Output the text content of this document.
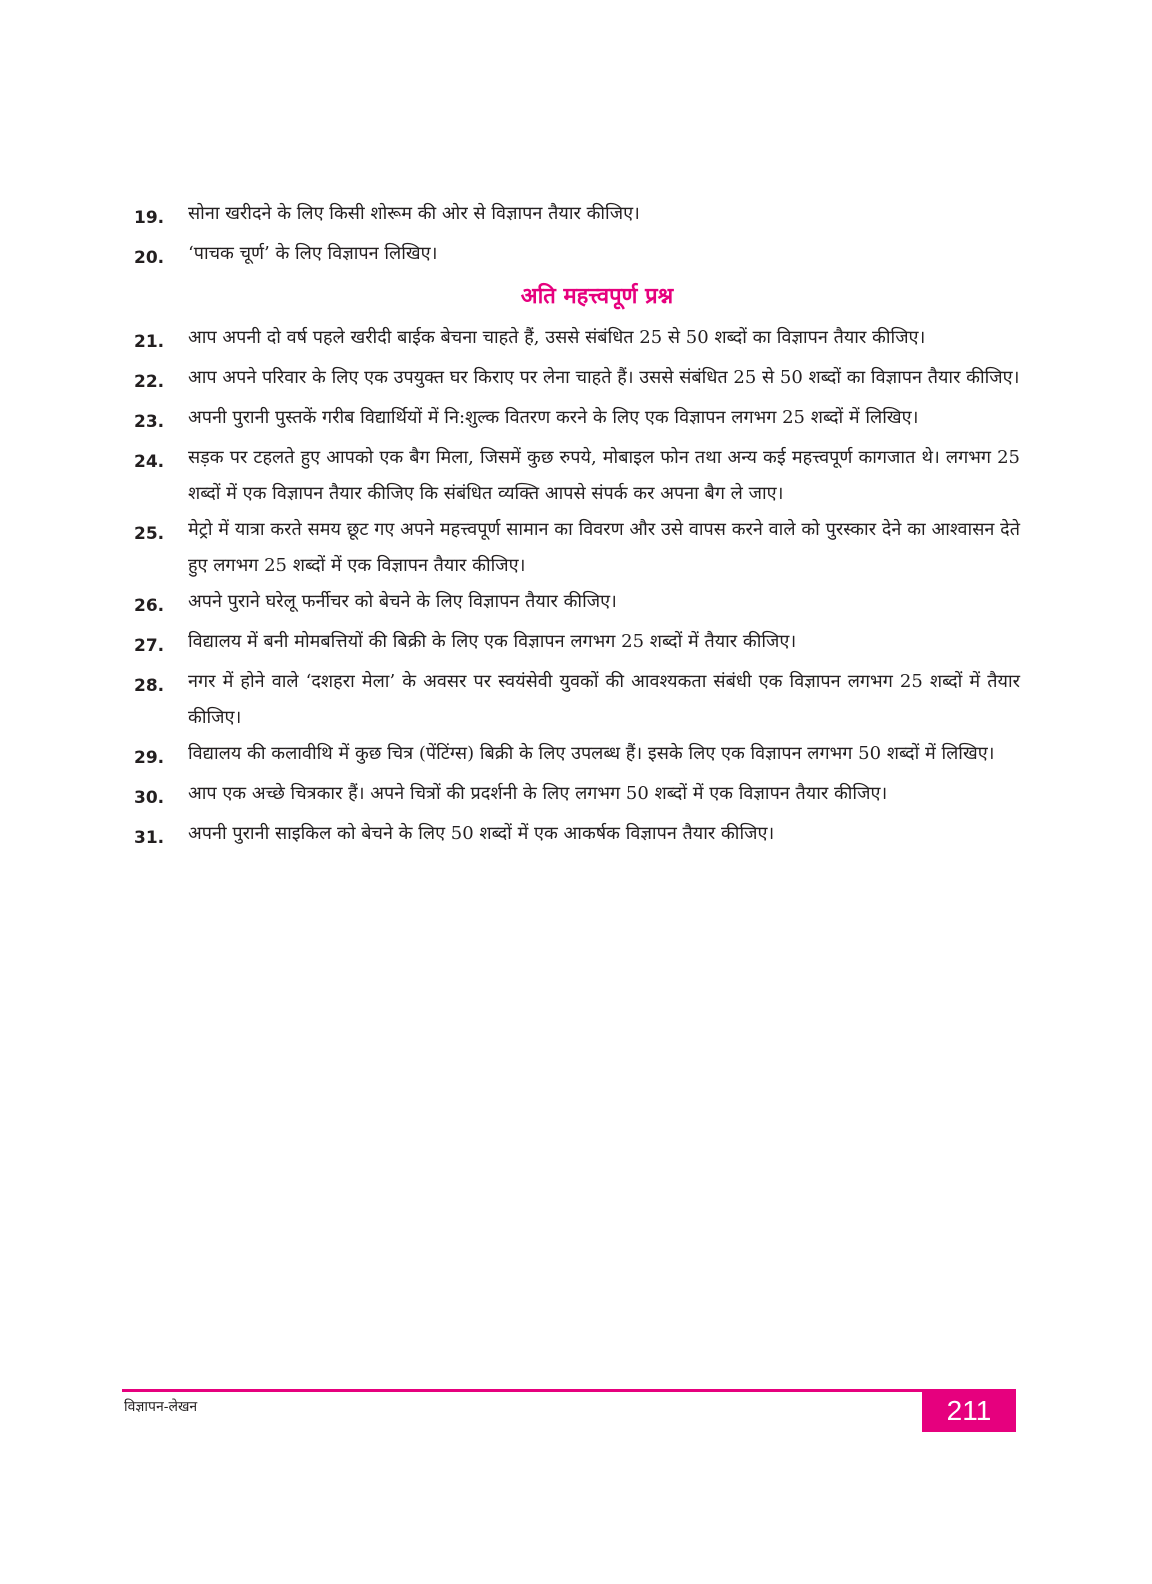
19.	सोना खरीदने के लिए किसी शोरूम की ओर से विज्ञापन तैयार कीजिए।
20.	‘पाचक चूर्ण’ के लिए विज्ञापन लिखिए।
अति महत्त्वपूर्ण प्रश्न
21.	आप अपनी दो वर्ष पहले खरीदी बाईक बेचना चाहते हैं, उससे संबंधित 25 से 50 शब्दों का विज्ञापन तैयार कीजिए।
22.	आप अपने परिवार के लिए एक उपयुक्त घर किराए पर लेना चाहते हैं। उससे संबंधित 25 से 50 शब्दों का विज्ञापन तैयार कीजिए।
23.	अपनी पुरानी पुस्तकें गरीब विद्यार्थियों में नि:शुल्क वितरण करने के लिए एक विज्ञापन लगभग 25 शब्दों में लिखिए।
24.	सड़क पर टहलते हुए आपको एक बैग मिला, जिसमें कुछ रुपये, मोबाइल फोन तथा अन्य कई महत्त्वपूर्ण कागजात थे। लगभग 25 शब्दों में एक विज्ञापन तैयार कीजिए कि संबंधित व्यक्ति आपसे संपर्क कर अपना बैग ले जाए।
25.	मेट्रो में यात्रा करते समय छूट गए अपने महत्त्वपूर्ण सामान का विवरण और उसे वापस करने वाले को पुरस्कार देने का आश्वासन देते हुए लगभग 25 शब्दों में एक विज्ञापन तैयार कीजिए।
26.	अपने पुराने घरेलू फर्नीचर को बेचने के लिए विज्ञापन तैयार कीजिए।
27.	विद्यालय में बनी मोमबत्तियों की बिक्री के लिए एक विज्ञापन लगभग 25 शब्दों में तैयार कीजिए।
28.	नगर में होने वाले ‘दशहरा मेला’ के अवसर पर स्वयंसेवी युवकों की आवश्यकता संबंधी एक विज्ञापन लगभग 25 शब्दों में तैयार कीजिए।
29.	विद्यालय की कलावीथि में कुछ चित्र (पेंटिंग्स) बिक्री के लिए उपलब्ध हैं। इसके लिए एक विज्ञापन लगभग 50 शब्दों में लिखिए।
30.	आप एक अच्छे चित्रकार हैं। अपने चित्रों की प्रदर्शनी के लिए लगभग 50 शब्दों में एक विज्ञापन तैयार कीजिए।
31.	अपनी पुरानी साइकिल को बेचने के लिए 50 शब्दों में एक आकर्षक विज्ञापन तैयार कीजिए।
विज्ञापन-लेखन	211
